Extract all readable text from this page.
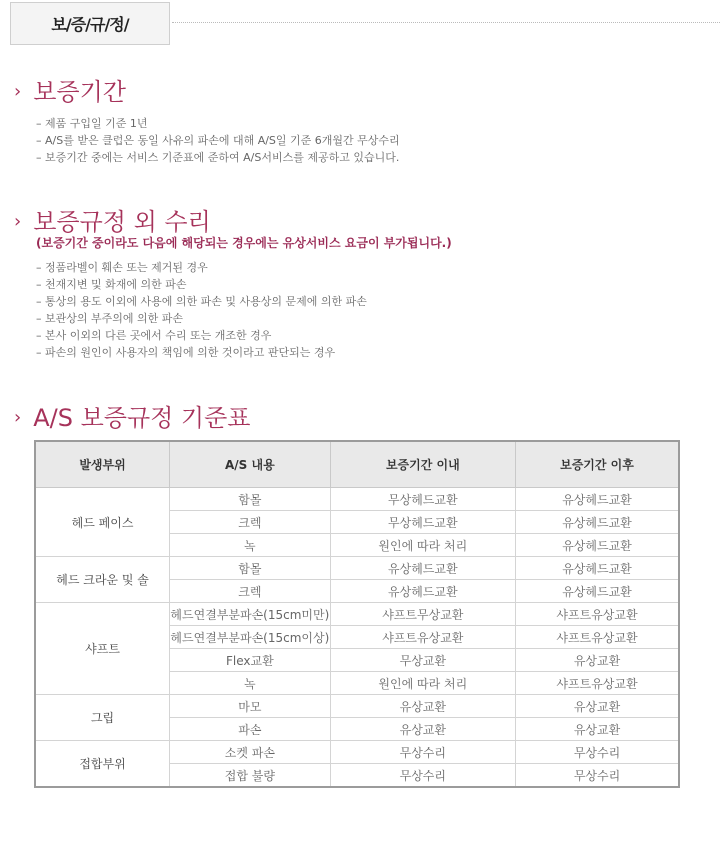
보/증/규/정/
› 보증기간
– 제품 구입일 기준 1년
– A/S를 받은 클럽은 동일 사유의 파손에 대해 A/S일 기준 6개월간 무상수리
– 보증기간 중에는 서비스 기준표에 준하여 A/S서비스를 제공하고 있습니다.
› 보증규정 외 수리
(보증기간 중이라도 다음에 해당되는 경우에는 유상서비스 요금이 부가됩니다.)
– 정품라벨이 훼손 또는 제거된 경우
– 천재지변 및 화재에 의한 파손
– 통상의 용도 이외에 사용에 의한 파손 및 사용상의 문제에 의한 파손
– 보관상의 부주의에 의한 파손
– 본사 이외의 다른 곳에서 수리 또는 개조한 경우
– 파손의 원인이 사용자의 책임에 의한 것이라고 판단되는 경우
› A/S 보증규정 기준표
발생부위	A/S 내용	보증기간 이내	보증기간 이후
헤드 페이스	함몰	무상헤드교환	유상헤드교환
	크렉	무상헤드교환	유상헤드교환
	녹	원인에 따라 처리	유상헤드교환
헤드 크라운 및 솔	함몰	유상헤드교환	유상헤드교환
	크렉	유상헤드교환	유상헤드교환
샤프트	헤드연결부분파손(15cm미만)	샤프트무상교환	샤프트유상교환
	헤드연결부분파손(15cm이상)	샤프트유상교환	샤프트유상교환
	Flex교환	무상교환	유상교환
	녹	원인에 따라 처리	샤프트유상교환
그립	마모	유상교환	유상교환
	파손	유상교환	유상교환
접합부위	소켓 파손	무상수리	무상수리
	접합 불량	무상수리	무상수리
